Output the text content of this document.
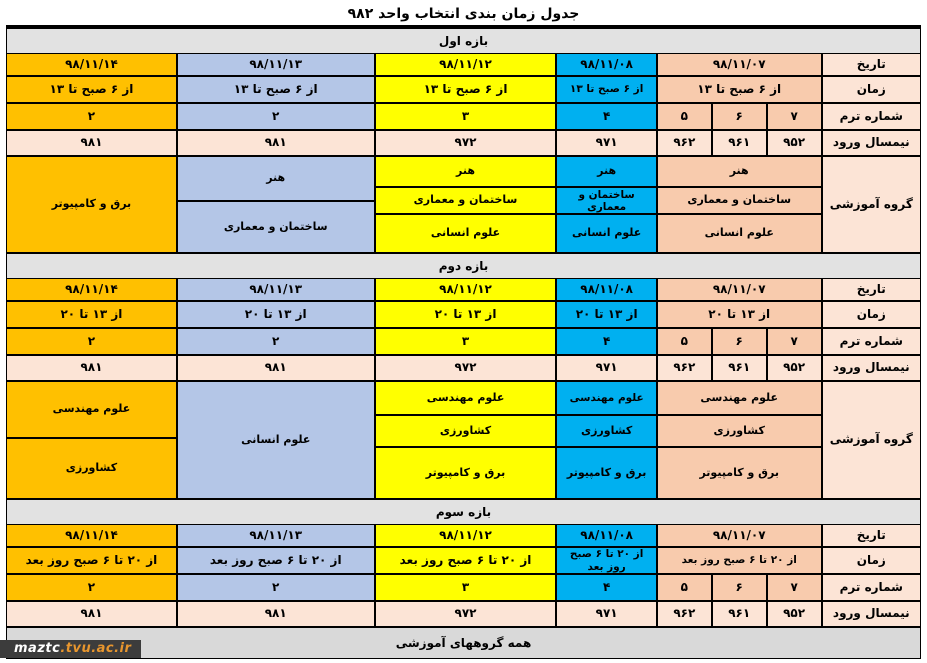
جدول زمان بندی انتخاب واحد ۹۸۲
بازه اول
تاریخ
زمان
شماره ترم
نیمسال ورود
گروه آموزشی
۹۸/۱۱/۰۷
از ۶ صبح تا ۱۳
۷
۶
۵
۹۵۲
۹۶۱
۹۶۲
هنر
ساختمان و معماری
علوم انسانی
۹۸/۱۱/۰۸
از ۶ صبح تا ۱۳
۴
۹۷۱
هنر
ساختمان و معماری
علوم انسانی
۹۸/۱۱/۱۲
از ۶ صبح تا ۱۳
۳
۹۷۲
هنر
ساختمان و معماری
علوم انسانی
۹۸/۱۱/۱۳
از ۶ صبح تا ۱۳
۲
۹۸۱
هنر
ساختمان و معماری
۹۸/۱۱/۱۴
از ۶ صبح تا ۱۳
۲
۹۸۱
برق و کامپیوتر
بازه دوم
تاریخ
زمان
شماره ترم
نیمسال ورود
گروه آموزشی
۹۸/۱۱/۰۷
از ۱۳ تا ۲۰
۷
۶
۵
۹۵۲
۹۶۱
۹۶۲
علوم مهندسی
کشاورزی
برق و کامپیوتر
۹۸/۱۱/۰۸
از ۱۳ تا ۲۰
۴
۹۷۱
علوم مهندسی
کشاورزی
برق و کامپیوتر
۹۸/۱۱/۱۲
از ۱۳ تا ۲۰
۳
۹۷۲
علوم مهندسی
کشاورزی
برق و کامپیوتر
۹۸/۱۱/۱۳
از ۱۳ تا ۲۰
۲
۹۸۱
علوم انسانی
۹۸/۱۱/۱۴
از ۱۳ تا ۲۰
۲
۹۸۱
علوم مهندسی
کشاورزی
بازه سوم
تاریخ
زمان
شماره ترم
نیمسال ورود
۹۸/۱۱/۰۷
از ۲۰ تا ۶ صبح روز بعد
۷
۶
۵
۹۵۲
۹۶۱
۹۶۲
۹۸/۱۱/۰۸
از ۲۰ تا ۶ صبح روز بعد
۴
۹۷۱
۹۸/۱۱/۱۲
از ۲۰ تا ۶ صبح روز بعد
۳
۹۷۲
۹۸/۱۱/۱۳
از ۲۰ تا ۶ صبح روز بعد
۲
۹۸۱
۹۸/۱۱/۱۴
از ۲۰ تا ۶ صبح روز بعد
۲
۹۸۱
همه گروههای آموزشی
maztc.tvu.ac.ir
